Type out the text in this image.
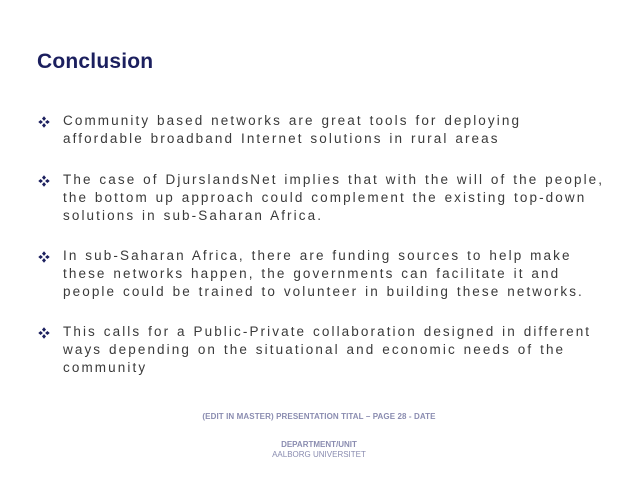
Conclusion
Community based networks are great tools for deploying affordable broadband Internet solutions in rural areas
The case of DjurslandsNet implies that with the will of the people, the bottom up approach could complement the existing top-down solutions in sub-Saharan Africa.
In sub-Saharan Africa, there are funding sources to help make these networks happen, the governments can facilitate it and people could be trained to volunteer in building these networks.
This calls for a Public-Private collaboration designed in different ways depending on the situational and economic needs of the community
(EDIT IN MASTER) PRESENTATION TITAL – PAGE 28 - DATE
DEPARTMENT/UNIT
AALBORG UNIVERSITET
